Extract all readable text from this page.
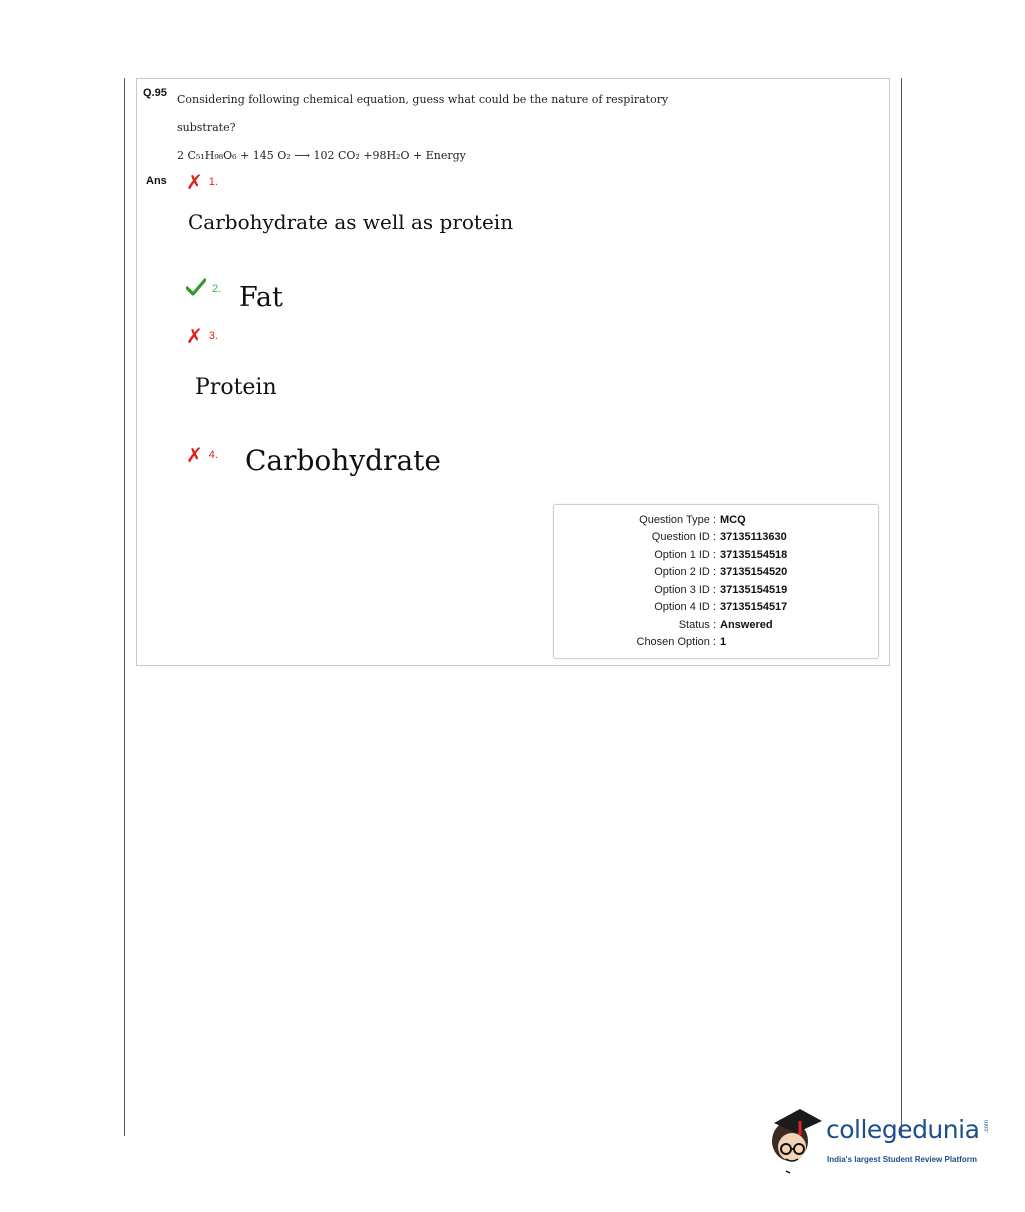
Q.95 Considering following chemical equation, guess what could be the nature of respiratory
substrate?
2 C₅₁H₉₈O₆ + 145 O₂ ⟶ 102 CO₂ +98H₂O + Energy
Ans ✗ 1.
Carbohydrate as well as protein
2. Fat
✗ 3.
Protein
✗ 4. Carbohydrate
Question Type : MCQ
Question ID : 37135113630
Option 1 ID : 37135154518
Option 2 ID : 37135154520
Option 3 ID : 37135154519
Option 4 ID : 37135154517
Status : Answered
Chosen Option : 1
collegedunia .com
India's largest Student Review Platform
